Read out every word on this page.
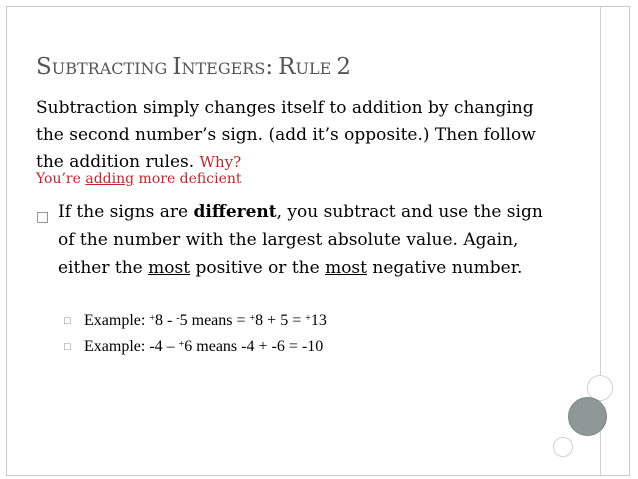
SUBTRACTING INTEGERS: RULE 2
Subtraction simply changes itself to addition by changing the second number’s sign. (add it’s opposite.) Then follow the addition rules. Why?
You’re adding more deficient
□ If the signs are different, you subtract and use the sign of the number with the largest absolute value. Again, either the most positive or the most negative number.
□ Example: +8 - -5 means = +8 + 5 = +13
□ Example: -4 – +6 means -4 + -6 = -10
